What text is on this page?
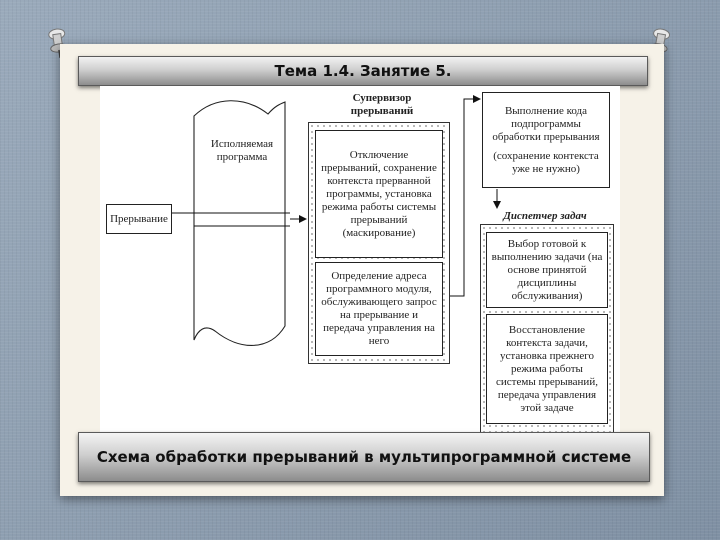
Тема 1.4. Занятие 5.
Прерывание
Исполняемая программа
Супервизор прерываний
Отключение прерываний, сохранение контекста прерванной программы, установка режима работы системы прерываний (маскирование)
Определение адреса программного модуля, обслуживающего запрос на прерывание и передача управления на него
Выполнение кода подпрограммы обработки прерывания
(сохранение контекста уже не нужно)
Диспетчер задач
Выбор готовой к выполнению задачи (на основе принятой дисциплины обслуживания)
Восстановление контекста задачи, установка прежнего режима работы системы прерываний, передача управления этой задаче
Схема обработки прерываний в мультипрограммной системе
